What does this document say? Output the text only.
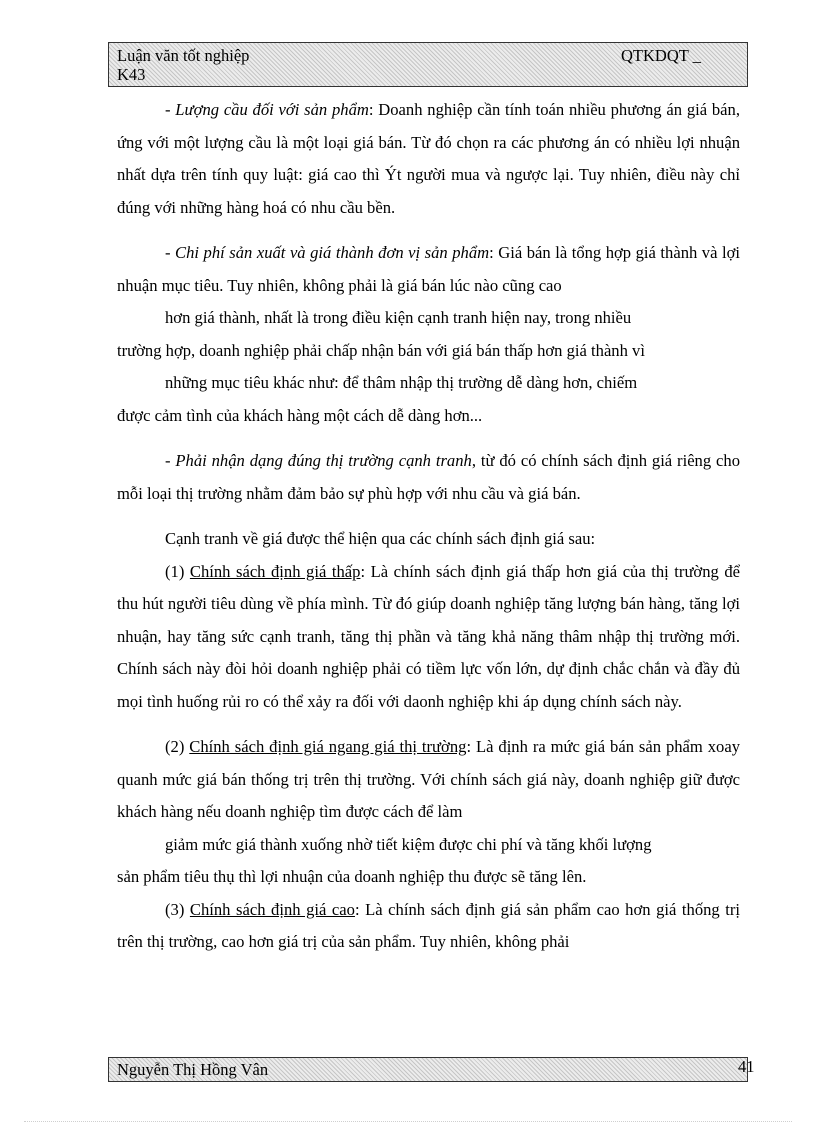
Luận văn tốt nghiệp
K43
QTKDQT _

- Lượng cầu đối với sản phẩm: Doanh nghiệp cần tính toán nhiều phương án giá bán, ứng với một lượng cầu là một loại giá bán. Từ đó chọn ra các phương án có nhiều lợi nhuận nhất dựa trên tính quy luật: giá cao thì Ýt người mua và ngược lại. Tuy nhiên, điều này chỉ đúng với những hàng hoá có nhu cầu bền.

- Chi phí sản xuất và giá thành đơn vị sản phẩm: Giá bán là tổng hợp giá thành và lợi nhuận mục tiêu. Tuy nhiên, không phải là giá bán lúc nào cũng cao

hơn giá thành, nhất là trong điều kiện cạnh tranh hiện nay, trong nhiều

trường hợp, doanh nghiệp phải chấp nhận bán với giá bán thấp hơn giá thành vì

những mục tiêu khác như: để thâm nhập thị trường dễ dàng hơn, chiếm

được cảm tình của khách hàng một cách dễ dàng hơn...

- Phải nhận dạng đúng thị trường cạnh tranh, từ đó có chính sách định giá riêng cho mỗi loại thị trường nhằm đảm bảo sự phù hợp với nhu cầu và giá bán.

Cạnh tranh về giá được thể hiện qua các chính sách định giá sau:

(1) Chính sách định giá thấp: Là chính sách định giá thấp hơn giá của thị trường để thu hút người tiêu dùng về phía mình. Từ đó giúp doanh nghiệp tăng lượng bán hàng, tăng lợi nhuận, hay tăng sức cạnh tranh, tăng thị phần và tăng khả năng thâm nhập thị trường mới. Chính sách này đòi hỏi doanh nghiệp phải có tiềm lực vốn lớn, dự định chắc chắn và đầy đủ mọi tình huống rủi ro có thể xảy ra đối với daonh nghiệp khi áp dụng chính sách này.

(2) Chính sách định giá ngang giá thị trường: Là định ra mức giá bán sản phẩm xoay quanh mức giá bán thống trị trên thị trường. Với chính sách giá này, doanh nghiệp giữ được khách hàng nếu doanh nghiệp tìm được cách để làm

giảm mức giá thành xuống nhờ tiết kiệm được chi phí và tăng khối lượng

sản phẩm tiêu thụ thì lợi nhuận của doanh nghiệp thu được sẽ tăng lên.

(3) Chính sách định giá cao: Là chính sách định giá sản phẩm cao hơn giá thống trị trên thị trường, cao hơn giá trị của sản phẩm. Tuy nhiên, không phải

Nguyễn Thị Hồng Vân	41
